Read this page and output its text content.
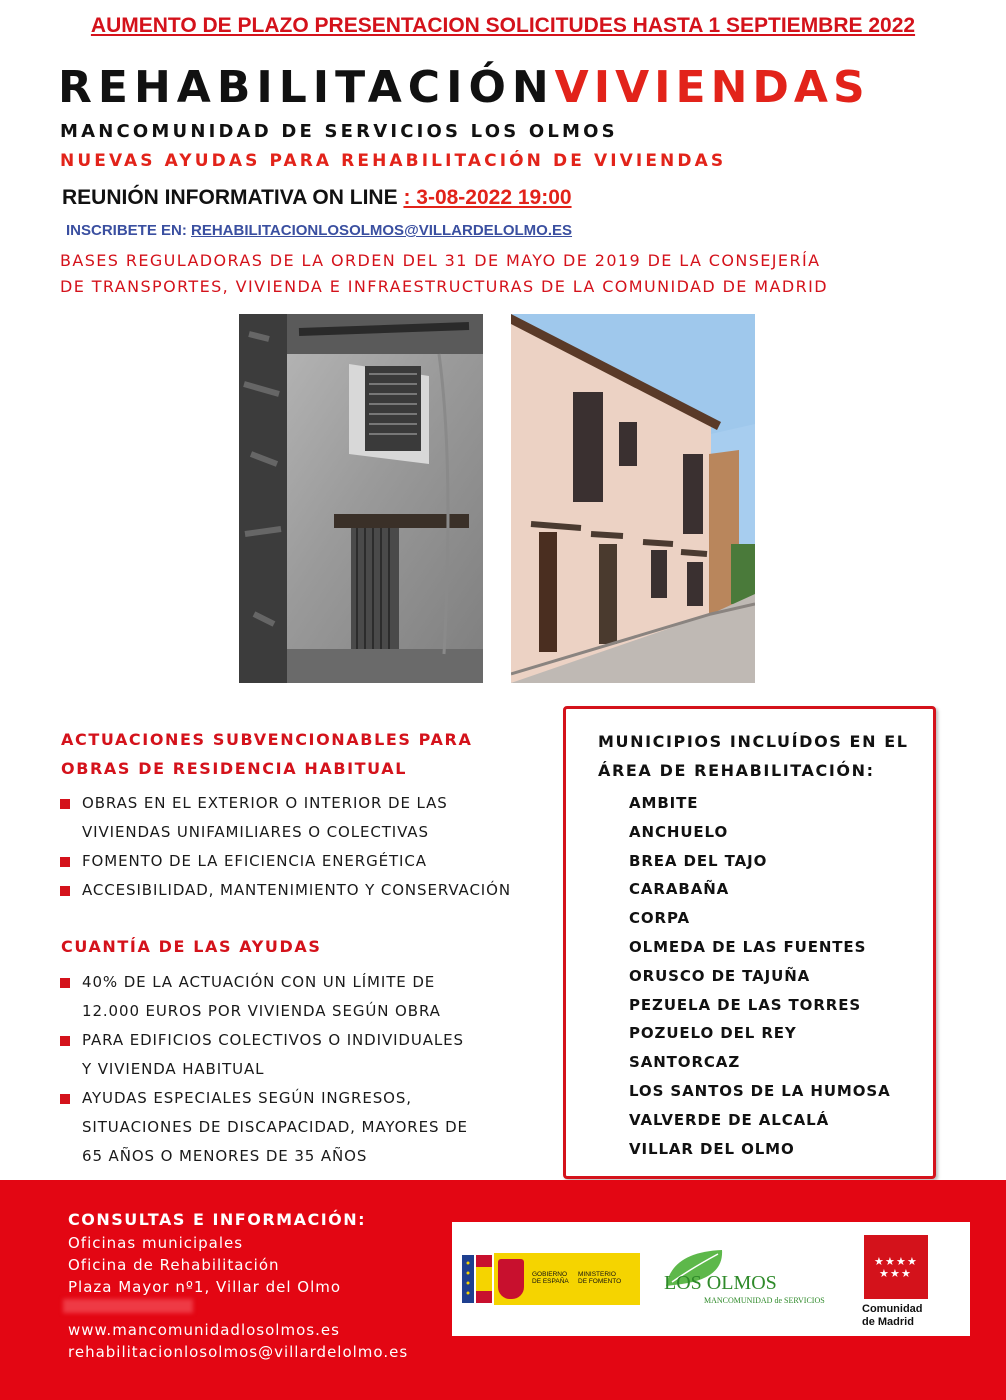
AUMENTO DE PLAZO PRESENTACION SOLICITUDES HASTA 1 SEPTIEMBRE 2022
REHABILITACIÓNVIVIENDAS
MANCOMUNIDAD DE SERVICIOS LOS OLMOS
NUEVAS AYUDAS PARA REHABILITACIÓN DE VIVIENDAS
REUNIÓN INFORMATIVA ON LINE : 3-08-2022 19:00
INSCRIBETE EN: REHABILITACIONLOSOLMOS@VILLARDELOLMO.ES
BASES REGULADORAS DE LA ORDEN DEL 31 DE MAYO DE 2019 DE LA CONSEJERÍA
DE TRANSPORTES, VIVIENDA E INFRAESTRUCTURAS DE LA COMUNIDAD DE MADRID
ACTUACIONES SUBVENCIONABLES PARA
OBRAS DE RESIDENCIA HABITUAL
OBRAS EN EL EXTERIOR O INTERIOR DE LAS
VIVIENDAS UNIFAMILIARES O COLECTIVAS
FOMENTO DE LA EFICIENCIA ENERGÉTICA
ACCESIBILIDAD, MANTENIMIENTO Y CONSERVACIÓN
CUANTÍA DE LAS AYUDAS
40% DE LA ACTUACIÓN CON UN LÍMITE DE
12.000 EUROS POR VIVIENDA SEGÚN OBRA
PARA EDIFICIOS COLECTIVOS O INDIVIDUALES
Y VIVIENDA HABITUAL
AYUDAS ESPECIALES SEGÚN INGRESOS,
SITUACIONES DE DISCAPACIDAD, MAYORES DE
65 AÑOS O MENORES DE 35 AÑOS
MUNICIPIOS INCLUÍDOS EN EL
ÁREA DE REHABILITACIÓN:
AMBITE
ANCHUELO
BREA DEL TAJO
CARABAÑA
CORPA
OLMEDA DE LAS FUENTES
ORUSCO DE TAJUÑA
PEZUELA DE LAS TORRES
POZUELO DEL REY
SANTORCAZ
LOS SANTOS DE LA HUMOSA
VALVERDE DE ALCALÁ
VILLAR DEL OLMO
CONSULTAS E INFORMACIÓN:
Oficinas municipales
Oficina de Rehabilitación
Plaza Mayor nº1, Villar del Olmo
www.mancomunidadlosolmos.es
rehabilitacionlosolmos@villardelolmo.es
GOBIERNO
DE ESPAÑA
MINISTERIO
DE FOMENTO LOS OLMOS
MANCOMUNIDAD de SERVICIOS
★ ★ ★ ★
★ ★ ★
Comunidad
de Madrid
